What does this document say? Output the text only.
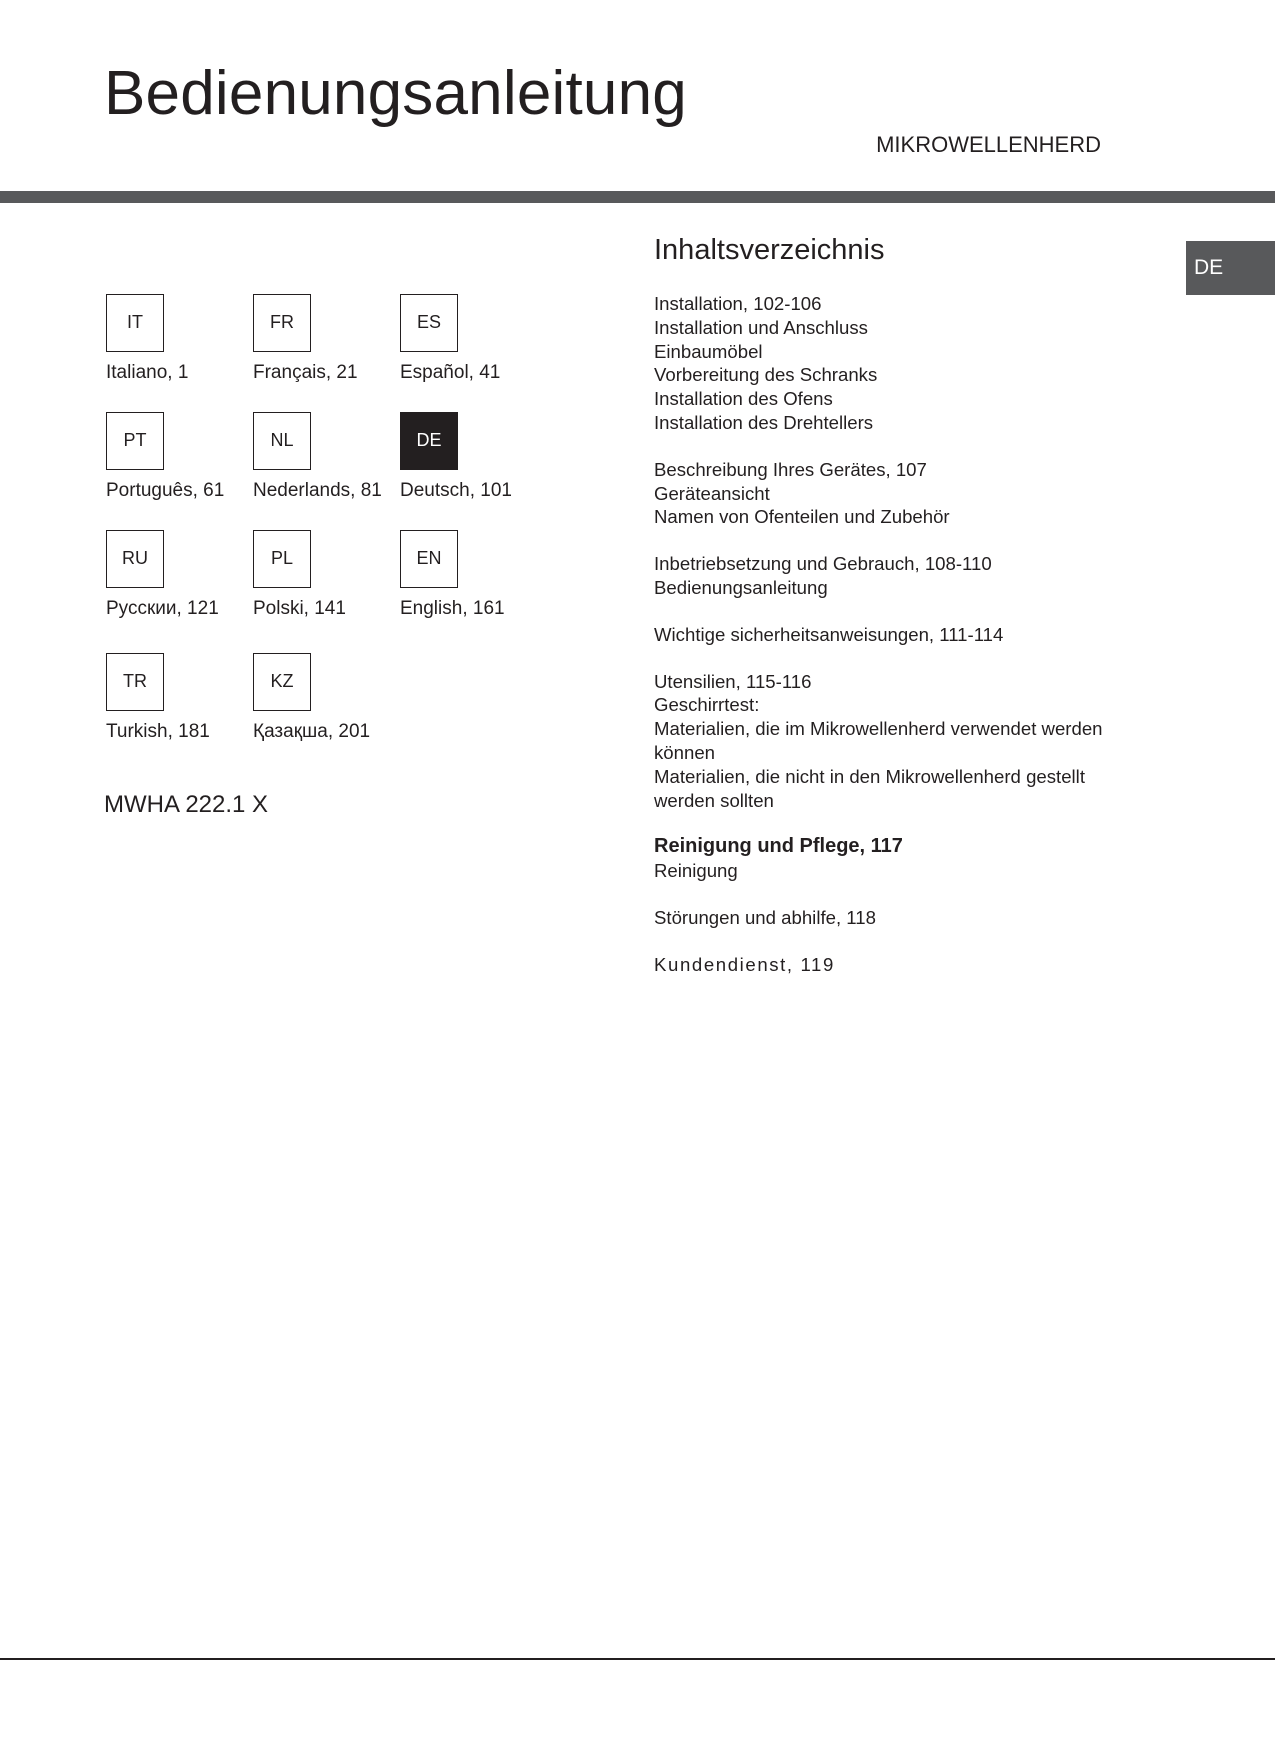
Bedienungsanleitung
MIKROWELLENHERD
DE
IT
Italiano, 1
FR
Français, 21
ES
Español, 41
PT
Português, 61
NL
Nederlands, 81
DE
Deutsch, 101
RU
Русскии, 121
PL
Polski, 141
EN
English, 161
TR
Turkish, 181
KZ
Қазақша, 201
MWHA 222.1 X
Inhaltsverzeichnis
Installation, 102-106
Installation und Anschluss
Einbaumöbel
Vorbereitung des Schranks
Installation des Ofens
Installation des Drehtellers
Beschreibung Ihres Gerätes, 107
Geräteansicht
Namen von Ofenteilen und Zubehör
Inbetriebsetzung und Gebrauch, 108-110
Bedienungsanleitung
Wichtige sicherheitsanweisungen, 111-114
Utensilien, 115-116
Geschirrtest:
Materialien, die im Mikrowellenherd verwendet werden
können
Materialien, die nicht in den Mikrowellenherd gestellt
werden sollten
Reinigung und Pflege, 117
Reinigung
Störungen und abhilfe, 118
Kundendienst, 119
